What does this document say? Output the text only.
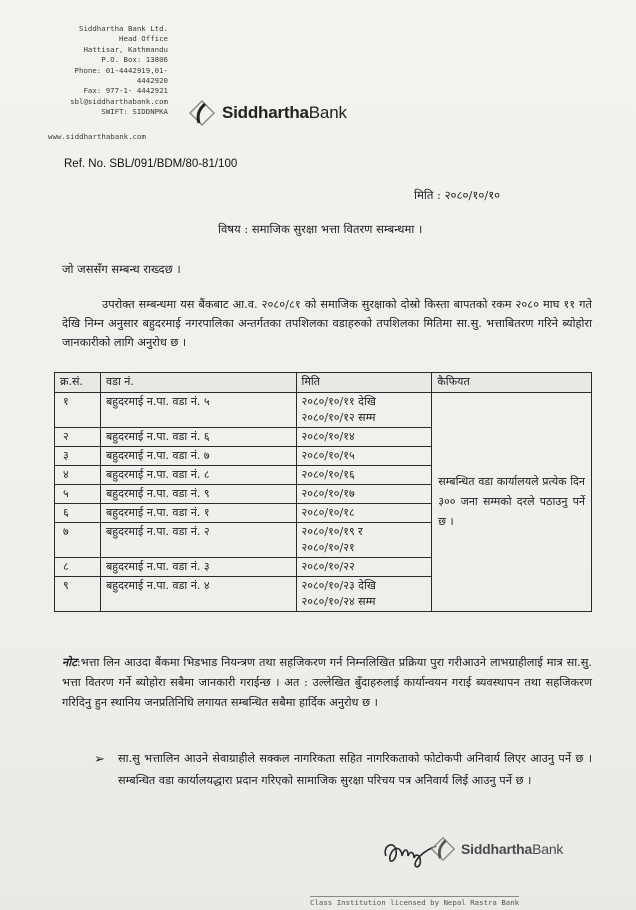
Siddhartha Bank Ltd.
Head Office
Hattisar, Kathmandu
P.O. Box: 13806
Phone: 01-4442919,01-
4442920
Fax: 977-1- 4442921
sbl@siddharthabank.com
SWIFT: SIDDNPKA
www.siddharthabank.com
SiddharthaBank
Ref. No. SBL/091/BDM/80-81/100
मिति : २०८०/१०/१०
विषय : समाजिक सुरक्षा भत्ता वितरण सम्बन्धमा ।
जो जससँग सम्बन्ध राख्दछ ।
उपरोक्त सम्बन्धमा यस बैंकबाट आ.व. २०८०/८१ को समाजिक सुरक्षाको दोस्रो किस्ता बापतको रकम २०८० माघ ११ गते देखि निम्न अनुसार बहुदरमाई नगरपालिका अन्तर्गतका तपशिलका वडाहरुको तपशिलका मितिमा सा.सु. भत्ताबितरण गरिने ब्योहोरा जानकारीको लागि अनुरोध छ ।
क्र.सं.	वडा नं.	मिति	कैफियत
१	बहुदरमाई न.पा. वडा नं. ५	२०८०/१०/११ देखि
२०८०/१०/१२ सम्म	सम्बन्धित वडा कार्यालयले प्रत्येक दिन ३०० जना सम्मको दरले पठाउनु पर्ने छ ।
२	बहुदरमाई न.पा. वडा नं. ६	२०८०/१०/१४	

३	बहुदरमाई न.पा. वडा नं. ७	२०८०/१०/१५	

४	बहुदरमाई न.पा. वडा नं. ८	२०८०/१०/१६	

५	बहुदरमाई न.पा. वडा नं. ९	२०८०/१०/१७	

६	बहुदरमाई न.पा. वडा नं. १	२०८०/१०/१८	

७	बहुदरमाई न.पा. वडा नं. २	२०८०/१०/१९ र
२०८०/१०/२१	

८	बहुदरमाई न.पा. वडा नं. ३	२०८०/१०/२२	

९	बहुदरमाई न.पा. वडा नं. ४	२०८०/१०/२३ देखि
२०८०/१०/२४ सम्म	
नोट:भत्ता लिन आउदा बैंकमा भिडभाड नियन्त्रण तथा सहजिकरण गर्न निम्नलिखित प्रक्रिया पुरा गरीआउने लाभग्राहीलाई मात्र सा.सु. भत्ता वितरण गर्ने ब्योहोरा सबैमा जानकारी गराईन्छ । अत : उल्लेखित बुँदाहरुलाई कार्यान्वयन गराई ब्यवस्थापन तथा सहजिकरण गरिदिनु हुन स्थानिय जनप्रतिनिधि लगायत सम्बन्धित सबैमा हार्दिक अनुरोध छ ।
➢ सा.सु भत्तालिन आउने सेवाग्राहीले सक्कल नागरिकता सहित नागरिकताको फोटोकपी अनिवार्य लिएर आउनु पर्ने छ । सम्बन्धित वडा कार्यालयद्धारा प्रदान गरिएको सामाजिक सुरक्षा परिचय पत्र अनिवार्य लिई आउनु पर्ने छ ।
SiddharthaBank
Class Institution licensed by Nepal Rastra Bank
